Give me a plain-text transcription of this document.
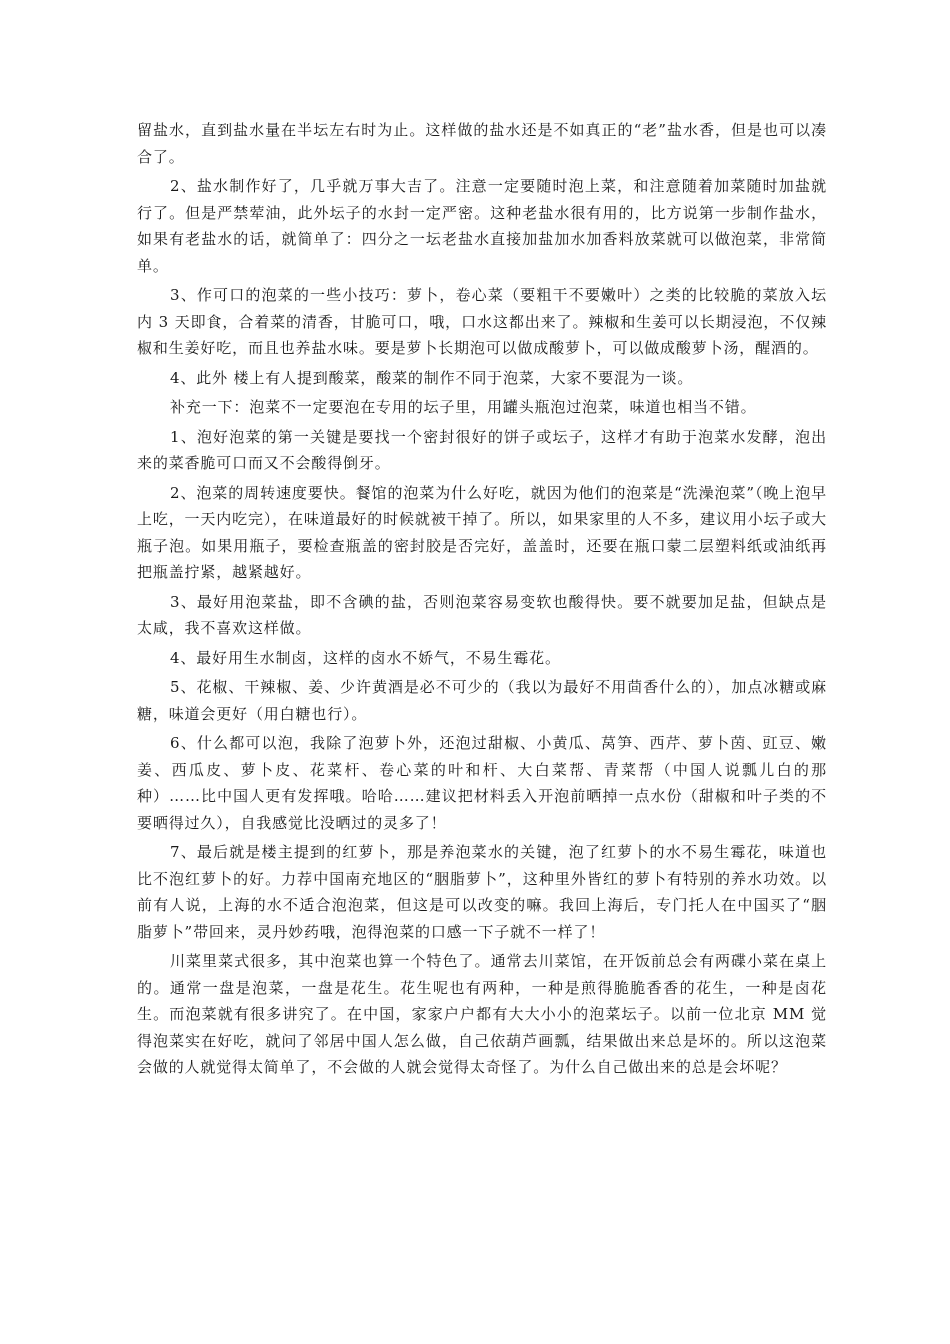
留盐水，直到盐水量在半坛左右时为止。这样做的盐水还是不如真正的“老”盐水香，但是也可以凑合了。

2、盐水制作好了，几乎就万事大吉了。注意一定要随时泡上菜，和注意随着加菜随时加盐就行了。但是严禁荤油，此外坛子的水封一定严密。这种老盐水很有用的，比方说第一步制作盐水，如果有老盐水的话，就简单了：四分之一坛老盐水直接加盐加水加香料放菜就可以做泡菜，非常简单。

3、作可口的泡菜的一些小技巧：萝卜，卷心菜（要粗干不要嫩叶）之类的比较脆的菜放入坛内 3 天即食，合着菜的清香，甘脆可口，哦，口水这都出来了。辣椒和生姜可以长期浸泡，不仅辣椒和生姜好吃，而且也养盐水味。要是萝卜长期泡可以做成酸萝卜，可以做成酸萝卜汤，醒酒的。

4、此外 楼上有人提到酸菜，酸菜的制作不同于泡菜，大家不要混为一谈。

补充一下：泡菜不一定要泡在专用的坛子里，用罐头瓶泡过泡菜，味道也相当不错。

1、泡好泡菜的第一关键是要找一个密封很好的饼子或坛子，这样才有助于泡菜水发酵，泡出来的菜香脆可口而又不会酸得倒牙。

2、泡菜的周转速度要快。餐馆的泡菜为什么好吃，就因为他们的泡菜是“洗澡泡菜”（晚上泡早上吃，一天内吃完），在味道最好的时候就被干掉了。所以，如果家里的人不多，建议用小坛子或大瓶子泡。如果用瓶子，要检查瓶盖的密封胶是否完好，盖盖时，还要在瓶口蒙二层塑料纸或油纸再把瓶盖拧紧，越紧越好。

3、最好用泡菜盐，即不含碘的盐，否则泡菜容易变软也酸得快。要不就要加足盐，但缺点是太咸，我不喜欢这样做。

4、最好用生水制卤，这样的卤水不娇气，不易生霉花。

5、花椒、干辣椒、姜、少许黄酒是必不可少的（我以为最好不用茴香什么的），加点冰糖或麻糖，味道会更好（用白糖也行）。

6、什么都可以泡，我除了泡萝卜外，还泡过甜椒、小黄瓜、莴笋、西芹、萝卜茵、豇豆、嫩姜、西瓜皮、萝卜皮、花菜杆、卷心菜的叶和杆、大白菜帮、青菜帮（中国人说瓢儿白的那种）……比中国人更有发挥哦。哈哈……建议把材料丢入开泡前晒掉一点水份（甜椒和叶子类的不要晒得过久），自我感觉比没晒过的灵多了！

7、最后就是楼主提到的红萝卜，那是养泡菜水的关键，泡了红萝卜的水不易生霉花，味道也比不泡红萝卜的好。力荐中国南充地区的“胭脂萝卜”，这种里外皆红的萝卜有特别的养水功效。以前有人说，上海的水不适合泡泡菜，但这是可以改变的嘛。我回上海后，专门托人在中国买了“胭脂萝卜”带回来，灵丹妙药哦，泡得泡菜的口感一下子就不一样了！

川菜里菜式很多，其中泡菜也算一个特色了。通常去川菜馆，在开饭前总会有两碟小菜在桌上的。通常一盘是泡菜，一盘是花生。花生呢也有两种，一种是煎得脆脆香香的花生，一种是卤花生。而泡菜就有很多讲究了。在中国，家家户户都有大大小小的泡菜坛子。以前一位北京 MM 觉得泡菜实在好吃，就问了邻居中国人怎么做，自己依葫芦画瓢，结果做出来总是坏的。所以这泡菜会做的人就觉得太简单了，不会做的人就会觉得太奇怪了。为什么自己做出来的总是会坏呢？
